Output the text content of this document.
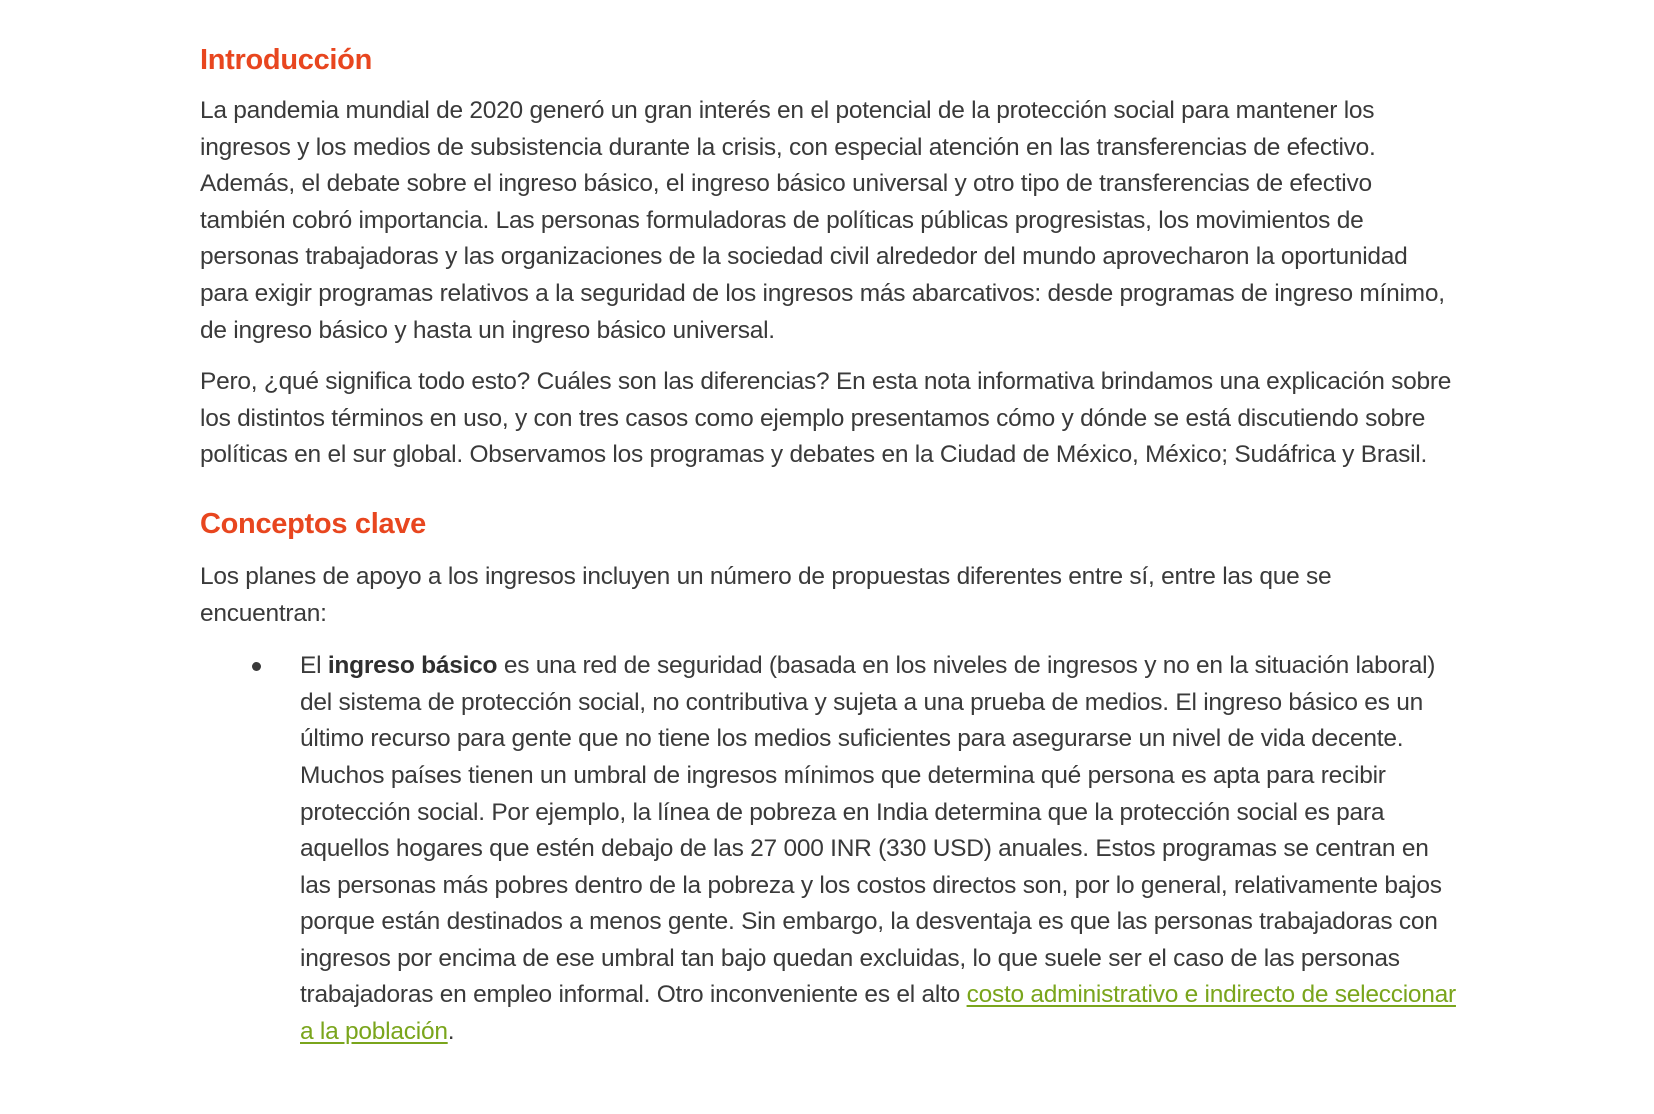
Introducción

La pandemia mundial de 2020 generó un gran interés en el potencial de la protección social para mantener los ingresos y los medios de subsistencia durante la crisis, con especial atención en las transferencias de efectivo. Además, el debate sobre el ingreso básico, el ingreso básico universal y otro tipo de transferencias de efectivo también cobró importancia. Las personas formuladoras de políticas públicas progresistas, los movimientos de personas trabajadoras y las organizaciones de la sociedad civil alrededor del mundo aprovecharon la oportunidad para exigir programas relativos a la seguridad de los ingresos más abarcativos: desde programas de ingreso mínimo, de ingreso básico y hasta un ingreso básico universal.

Pero, ¿qué significa todo esto? Cuáles son las diferencias? En esta nota informativa brindamos una explicación sobre los distintos términos en uso, y con tres casos como ejemplo presentamos cómo y dónde se está discutiendo sobre políticas en el sur global. Observamos los programas y debates en la Ciudad de México, México; Sudáfrica y Brasil.

Conceptos clave

Los planes de apoyo a los ingresos incluyen un número de propuestas diferentes entre sí, entre las que se encuentran:

El ingreso básico es una red de seguridad (basada en los niveles de ingresos y no en la situación laboral) del sistema de protección social, no contributiva y sujeta a una prueba de medios. El ingreso básico es un último recurso para gente que no tiene los medios suficientes para asegurarse un nivel de vida decente. Muchos países tienen un umbral de ingresos mínimos que determina qué persona es apta para recibir protección social. Por ejemplo, la línea de pobreza en India determina que la protección social es para aquellos hogares que estén debajo de las 27 000 INR (330 USD) anuales. Estos programas se centran en las personas más pobres dentro de la pobreza y los costos directos son, por lo general, relativamente bajos porque están destinados a menos gente. Sin embargo, la desventaja es que las personas trabajadoras con ingresos por encima de ese umbral tan bajo quedan excluidas, lo que suele ser el caso de las personas trabajadoras en empleo informal. Otro inconveniente es el alto costo administrativo e indirecto de seleccionar a la población.
